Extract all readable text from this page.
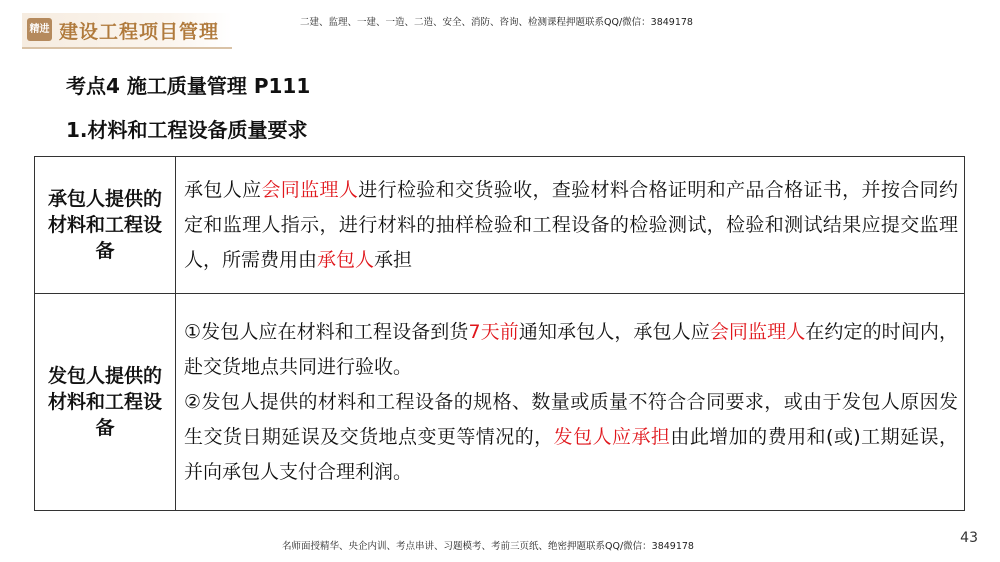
精进 建设工程项目管理	二建、监理、一建、一造、二造、安全、消防、咨询、检测课程押题联系QQ/微信：3849178
考点4 施工质量管理 P111
1.材料和工程设备质量要求
承包人提供的材料和工程设备	承包人应会同监理人进行检验和交货验收，查验材料合格证明和产品合格证书，并按合同约定和监理人指示，进行材料的抽样检验和工程设备的检验测试，检验和测试结果应提交监理人，所需费用由承包人承担
发包人提供的材料和工程设备	①发包人应在材料和工程设备到货7天前通知承包人，承包人应会同监理人在约定的时间内，赴交货地点共同进行验收。
②发包人提供的材料和工程设备的规格、数量或质量不符合合同要求，或由于发包人原因发生交货日期延误及交货地点变更等情况的，发包人应承担由此增加的费用和(或)工期延误，并向承包人支付合理利润。
43
名师面授精华、央企内训、考点串讲、习题模考、考前三页纸、绝密押题联系QQ/微信：3849178
